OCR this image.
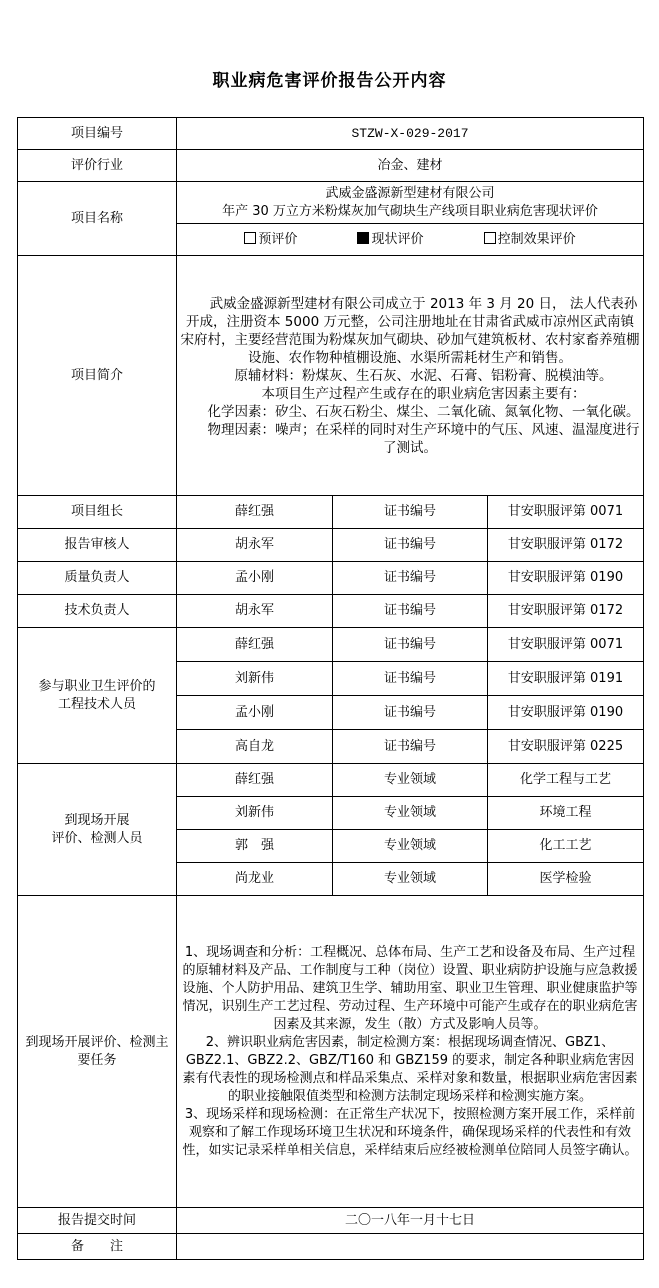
职业病危害评价报告公开内容
项目编号	STZW-X-029-2017		
评价行业	冶金、建材		
项目名称	武威金盛源新型建材有限公司
年产 30 万立方米粉煤灰加气砌块生产线项目职业病危害现状评价		

	预评价 现状评价 控制效果评价		
项目简介	武威金盛源新型建材有限公司成立于 2013 年 3 月 20 日， 法人代表孙开成，注册资本 5000 万元整，公司注册地址在甘肃省武威市凉州区武南镇宋府村，主要经营范围为粉煤灰加气砌块、砂加气建筑板材、农村家畜养殖棚设施、农作物种植棚设施、水渠所需耗材生产和销售。

原辅材料：粉煤灰、生石灰、水泥、石膏、铝粉膏、脱模油等。

本项目生产过程产生或存在的职业病危害因素主要有：

化学因素：矽尘、石灰石粉尘、煤尘、二氧化硫、氮氧化物、一氧化碳。

物理因素：噪声；在采样的同时对生产环境中的气压、风速、温湿度进行了测试。		

项目组长	薛红强	证书编号	甘安职服评第 0071
报告审核人	胡永军	证书编号	甘安职服评第 0172
质量负责人	孟小刚	证书编号	甘安职服评第 0190
技术负责人	胡永军	证书编号	甘安职服评第 0172

参与职业卫生评价的
工程技术人员	薛红强	证书编号	甘安职服评第 0071
	刘新伟	证书编号	甘安职服评第 0191
	孟小刚	证书编号	甘安职服评第 0190
	高自龙	证书编号	甘安职服评第 0225

到现场开展
评价、检测人员	薛红强	专业领域	化学工程与工艺
	刘新伟	专业领域	环境工程
	郭　强	专业领域	化工工艺
	尚龙业	专业领域	医学检验
到现场开展评价、检测主要任务	1、现场调查和分析：工程概况、总体布局、生产工艺和设备及布局、生产过程的原辅材料及产品、工作制度与工种（岗位）设置、职业病防护设施与应急救援设施、个人防护用品、建筑卫生学、辅助用室、职业卫生管理、职业健康监护等情况，识别生产工艺过程、劳动过程、生产环境中可能产生或存在的职业病危害因素及其来源，发生（散）方式及影响人员等。

2、辨识职业病危害因素，制定检测方案：根据现场调查情况、GBZ1、GBZ2.1、GBZ2.2、GBZ/T160 和 GBZ159 的要求，制定各种职业病危害因素有代表性的现场检测点和样品采集点、采样对象和数量，根据职业病危害因素的职业接触限值类型和检测方法制定现场采样和检测实施方案。

3、现场采样和现场检测：在正常生产状况下，按照检测方案开展工作，采样前观察和了解工作现场环境卫生状况和环境条件，确保现场采样的代表性和有效性，如实记录采样单相关信息，采样结束后应经被检测单位陪同人员签字确认。		

报告提交时间	二〇一八年一月十七日		
备　　注			
